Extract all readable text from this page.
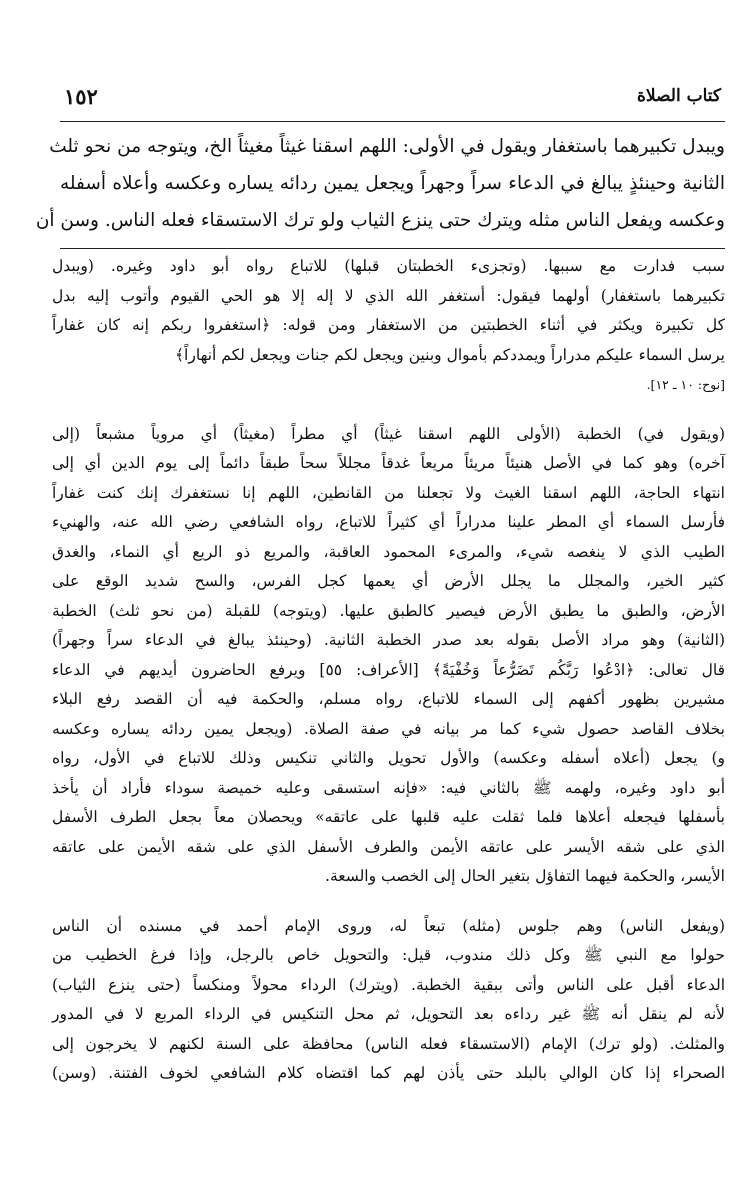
١٥٢	كتاب الصلاة
ويبدل تكبيرهما باستغفار ويقول في الأولى: اللهم اسقنا غيثاً مغيثاً الخ، ويتوجه من نحو ثلث
الثانية وحينئذٍ يبالغ في الدعاء سراً وجهراً ويجعل يمين ردائه يساره وعكسه وأعلاه أسفله
وعكسه ويفعل الناس مثله ويترك حتى ينزع الثياب ولو ترك الاستسقاء فعله الناس. وسن أن

سبب فدارت مع سببها. (وتجزىء الخطبتان قبلها) للاتباع رواه أبو داود وغيره. (ويبدل
تكبيرهما باستغفار) أولهما فيقول: أستغفر الله الذي لا إله إلا هو الحي القيوم وأتوب إليه بدل
كل تكبيرة ويكثر في أثناء الخطبتين من الاستغفار ومن قوله: ﴿استغفروا ربكم إنه كان غفاراً
يرسل السماء عليكم مدراراً ويمددكم بأموال وبنين ويجعل لكم جنات ويجعل لكم أنهاراً﴾
[نوح: ١٠ ـ ١٢].

(ويقول في) الخطبة (الأولى اللهم اسقنا غيثاً) أي مطراً (مغيثاً) أي مروياً مشبعاً (إلى
آخره) وهو كما في الأصل هنيئاً مريئاً مريعاً غدقاً مجللاً سحاً طبقاً دائماً إلى يوم الدين أي إلى
انتهاء الحاجة، اللهم اسقنا الغيث ولا تجعلنا من القانطين، اللهم إنا نستغفرك إنك كنت غفاراً
فأرسل السماء أي المطر علينا مدراراً أي كثيراً للاتباع، رواه الشافعي رضي الله عنه، والهنيء
الطيب الذي لا ينغصه شيء، والمرىء المحمود العاقبة، والمريع ذو الريع أي النماء، والغدق
كثير الخير، والمجلل ما يجلل الأرض أي يعمها كجل الفرس، والسح شديد الوقع على
الأرض، والطبق ما يطبق الأرض فيصير كالطبق عليها. (ويتوجه) للقبلة (من نحو ثلث) الخطبة
(الثانية) وهو مراد الأصل بقوله بعد صدر الخطبة الثانية. (وحينئذ يبالغ في الدعاء سراً وجهراً)
قال تعالى: ﴿ادْعُوا رَبَّكُم تَضَرُّعاً وَخُفْيَةً﴾ [الأعراف: ٥٥] ويرفع الحاضرون أيديهم في الدعاء
مشيرين بظهور أكفهم إلى السماء للاتباع، رواه مسلم، والحكمة فيه أن القصد رفع البلاء
بخلاف القاصد حصول شيء كما مر بيانه في صفة الصلاة. (ويجعل يمين ردائه يساره وعكسه
و) يجعل (أعلاه أسفله وعكسه) والأول تحويل والثاني تنكيس وذلك للاتباع في الأول، رواه
أبو داود وغيره، ولهمه ﷺ بالثاني فيه: «فإنه استسقى وعليه خميصة سوداء فأراد أن يأخذ
بأسفلها فيجعله أعلاها فلما ثقلت عليه قلبها على عاتقه» ويحصلان معاً بجعل الطرف الأسفل
الذي على شقه الأيسر على عاتقه الأيمن والطرف الأسفل الذي على شقه الأيمن على عاتقه
الأيسر، والحكمة فيهما التفاؤل بتغير الحال إلى الخصب والسعة.

(ويفعل الناس) وهم جلوس (مثله) تبعاً له، وروى الإمام أحمد في مسنده أن الناس
حولوا مع النبي ﷺ وكل ذلك مندوب، قيل: والتحويل خاص بالرجل، وإذا فرغ الخطيب من
الدعاء أقبل على الناس وأتى ببقية الخطبة. (ويترك) الرداء محولاً ومنكساً (حتى ينزع الثياب)
لأنه لم ينقل أنه ﷺ غير رداءه بعد التحويل، ثم محل التنكيس في الرداء المربع لا في المدور
والمثلث. (ولو ترك) الإمام (الاستسقاء فعله الناس) محافظة على السنة لكنهم لا يخرجون إلى
الصحراء إذا كان الوالي بالبلد حتى يأذن لهم كما اقتضاه كلام الشافعي لخوف الفتنة. (وسن)
